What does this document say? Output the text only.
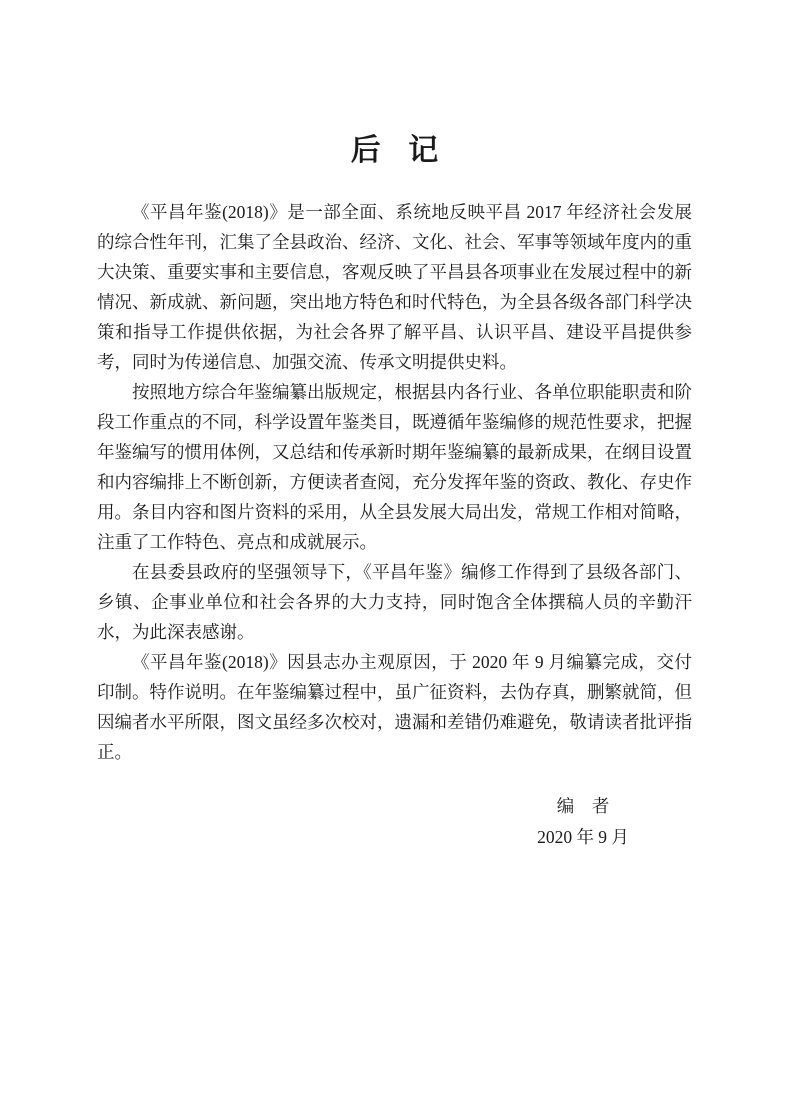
后 记

《平昌年鉴(2018)》是一部全面、系统地反映平昌 2017 年经济社会发展的综合性年刊，汇集了全县政治、经济、文化、社会、军事等领域年度内的重大决策、重要实事和主要信息，客观反映了平昌县各项事业在发展过程中的新情况、新成就、新问题，突出地方特色和时代特色，为全县各级各部门科学决策和指导工作提供依据，为社会各界了解平昌、认识平昌、建设平昌提供参考，同时为传递信息、加强交流、传承文明提供史料。

按照地方综合年鉴编纂出版规定，根据县内各行业、各单位职能职责和阶段工作重点的不同，科学设置年鉴类目，既遵循年鉴编修的规范性要求，把握年鉴编写的惯用体例，又总结和传承新时期年鉴编纂的最新成果，在纲目设置和内容编排上不断创新，方便读者查阅，充分发挥年鉴的资政、教化、存史作用。条目内容和图片资料的采用，从全县发展大局出发，常规工作相对简略，注重了工作特色、亮点和成就展示。

在县委县政府的坚强领导下，《平昌年鉴》编修工作得到了县级各部门、乡镇、企事业单位和社会各界的大力支持，同时饱含全体撰稿人员的辛勤汗水，为此深表感谢。

《平昌年鉴(2018)》因县志办主观原因，于 2020 年 9 月编纂完成，交付印制。特作说明。在年鉴编纂过程中，虽广征资料，去伪存真，删繁就简，但因编者水平所限，图文虽经多次校对，遗漏和差错仍难避免，敬请读者批评指正。

编　者
2020 年 9 月
